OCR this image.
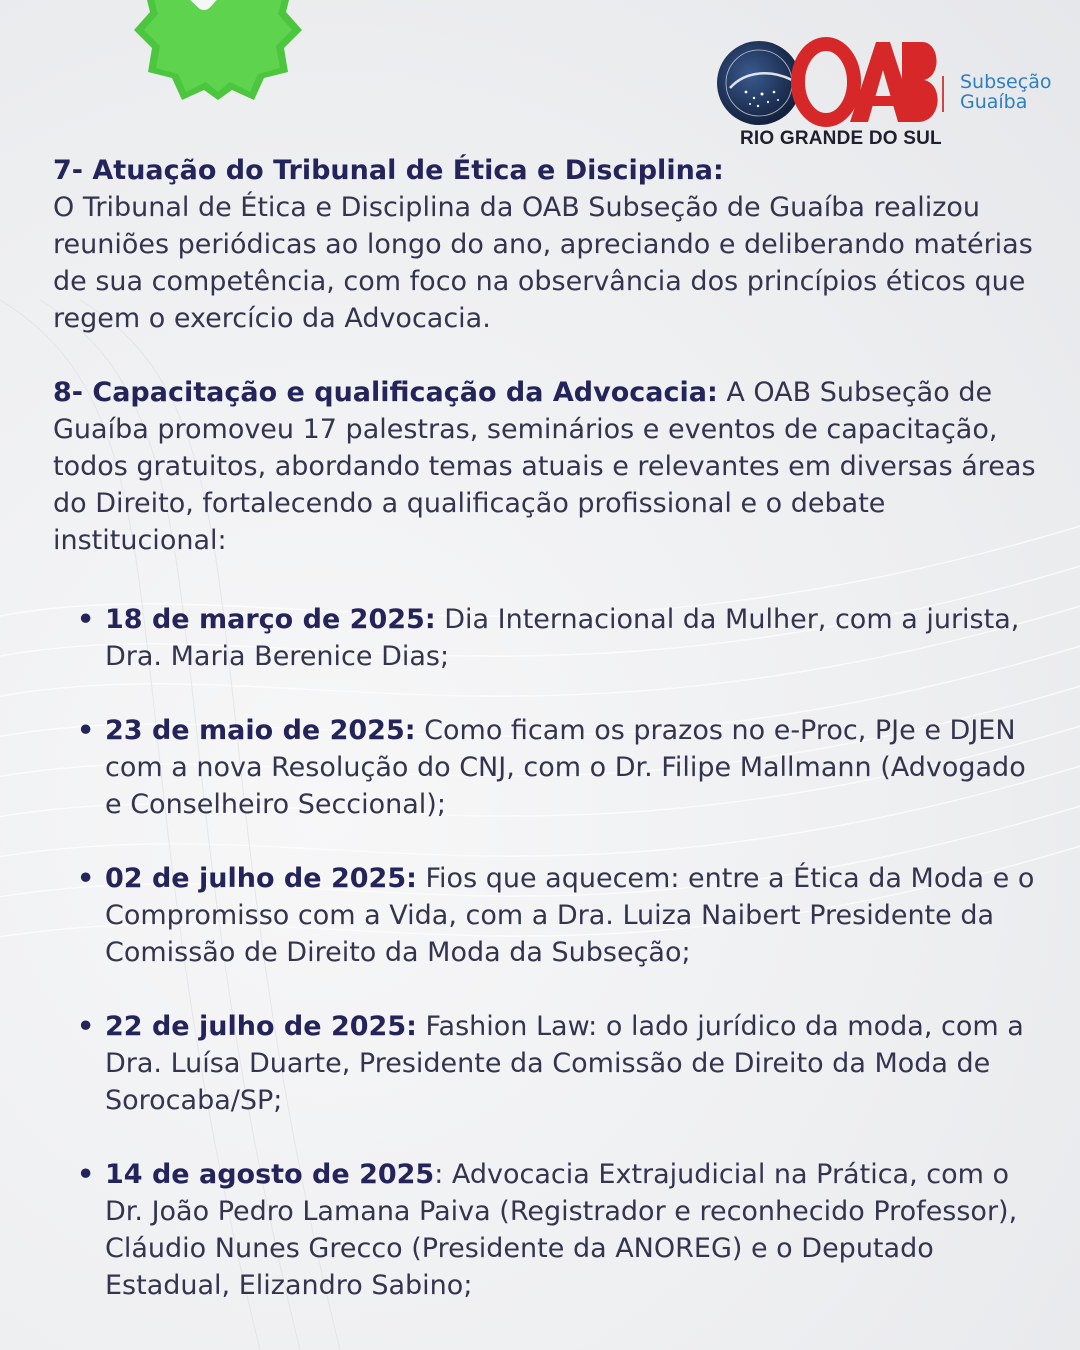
Subseção
Guaíba
RIO GRANDE DO SUL

7- Atuação do Tribunal de Ética e Disciplina:
O Tribunal de Ética e Disciplina da OAB Subseção de Guaíba realizou reuniões periódicas ao longo do ano, apreciando e deliberando matérias de sua competência, com foco na observância dos princípios éticos que regem o exercício da Advocacia.

8- Capacitação e qualificação da Advocacia: A OAB Subseção de Guaíba promoveu 17 palestras, seminários e eventos de capacitação, todos gratuitos, abordando temas atuais e relevantes em diversas áreas do Direito, fortalecendo a qualificação profissional e o debate institucional:

• 18 de março de 2025: Dia Internacional da Mulher, com a jurista, Dra. Maria Berenice Dias;
• 23 de maio de 2025: Como ficam os prazos no e-Proc, PJe e DJEN com a nova Resolução do CNJ, com o Dr. Filipe Mallmann (Advogado e Conselheiro Seccional);
• 02 de julho de 2025: Fios que aquecem: entre a Ética da Moda e o Compromisso com a Vida, com a Dra. Luiza Naibert Presidente da Comissão de Direito da Moda da Subseção;
• 22 de julho de 2025: Fashion Law: o lado jurídico da moda, com a Dra. Luísa Duarte, Presidente da Comissão de Direito da Moda de Sorocaba/SP;
• 14 de agosto de 2025: Advocacia Extrajudicial na Prática, com o Dr. João Pedro Lamana Paiva (Registrador e reconhecido Professor), Cláudio Nunes Grecco (Presidente da ANOREG) e o Deputado Estadual, Elizandro Sabino;
